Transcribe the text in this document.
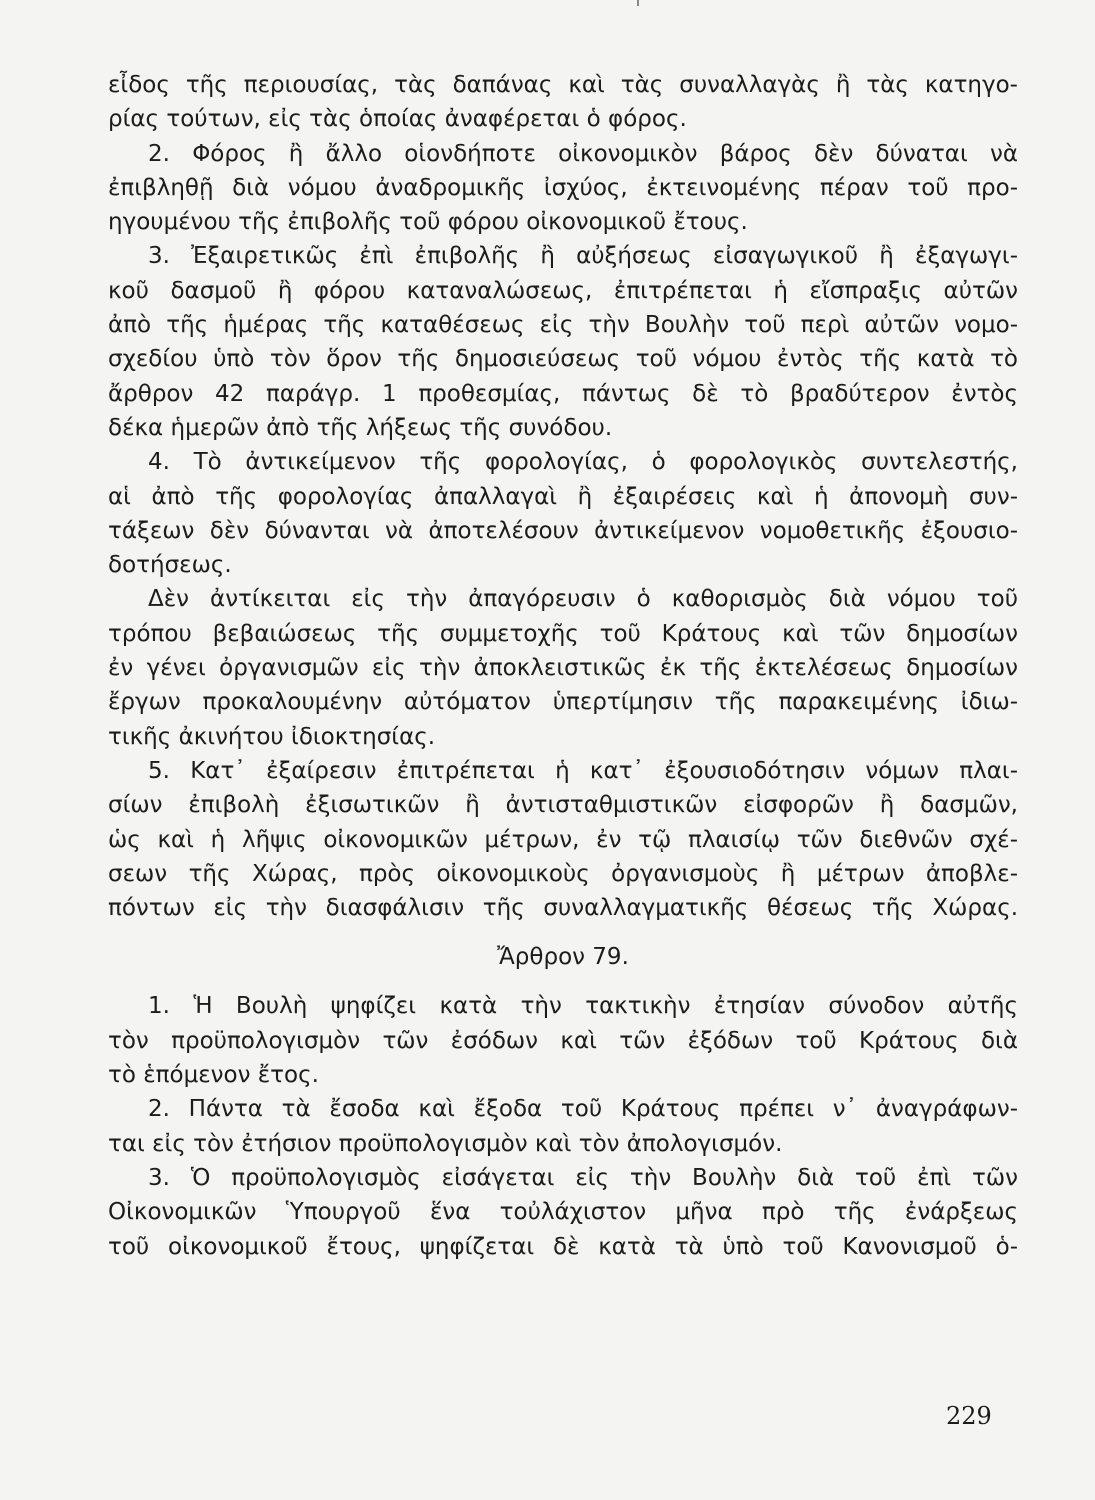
εἶδος τῆς περιουσίας, τὰς δαπάνας καὶ τὰς συναλλαγὰς ἢ τὰς κατηγο-
ρίας τούτων, εἰς τὰς ὁποίας ἀναφέρεται ὁ φόρος.
2. Φόρος ἢ ἄλλο οἱονδήποτε οἰκονομικὸν βάρος δὲν δύναται νὰ
ἐπιβληθῇ διὰ νόμου ἀναδρομικῆς ἰσχύος, ἐκτεινομένης πέραν τοῦ προ-
ηγουμένου τῆς ἐπιβολῆς τοῦ φόρου οἰκονομικοῦ ἔτους.
3. Ἐξαιρετικῶς ἐπὶ ἐπιβολῆς ἢ αὐξήσεως εἰσαγωγικοῦ ἢ ἐξαγωγι-
κοῦ δασμοῦ ἢ φόρου καταναλώσεως, ἐπιτρέπεται ἡ εἴσπραξις αὐτῶν
ἀπὸ τῆς ἡμέρας τῆς καταθέσεως εἰς τὴν Βουλὴν τοῦ περὶ αὐτῶν νομο-
σχεδίου ὑπὸ τὸν ὅρον τῆς δημοσιεύσεως τοῦ νόμου ἐντὸς τῆς κατὰ τὸ
ἄρθρον 42 παράγρ. 1 προθεσμίας, πάντως δὲ τὸ βραδύτερον ἐντὸς
δέκα ἡμερῶν ἀπὸ τῆς λήξεως τῆς συνόδου.
4. Τὸ ἀντικείμενον τῆς φορολογίας, ὁ φορολογικὸς συντελεστής,
αἱ ἀπὸ τῆς φορολογίας ἀπαλλαγαὶ ἢ ἐξαιρέσεις καὶ ἡ ἀπονομὴ συν-
τάξεων δὲν δύνανται νὰ ἀποτελέσουν ἀντικείμενον νομοθετικῆς ἐξουσιο-
δοτήσεως.
Δὲν ἀντίκειται εἰς τὴν ἀπαγόρευσιν ὁ καθορισμὸς διὰ νόμου τοῦ
τρόπου βεβαιώσεως τῆς συμμετοχῆς τοῦ Κράτους καὶ τῶν δημοσίων
ἐν γένει ὀργανισμῶν εἰς τὴν ἀποκλειστικῶς ἐκ τῆς ἐκτελέσεως δημοσίων
ἔργων προκαλουμένην αὐτόματον ὑπερτίμησιν τῆς παρακειμένης ἰδιω-
τικῆς ἀκινήτου ἰδιοκτησίας.
5. Κατ᾽ ἐξαίρεσιν ἐπιτρέπεται ἡ κατ᾽ ἐξουσιοδότησιν νόμων πλαι-
σίων ἐπιβολὴ ἐξισωτικῶν ἢ ἀντισταθμιστικῶν εἰσφορῶν ἢ δασμῶν,
ὡς καὶ ἡ λῆψις οἰκονομικῶν μέτρων, ἐν τῷ πλαισίῳ τῶν διεθνῶν σχέ-
σεων τῆς Χώρας, πρὸς οἰκονομικοὺς ὀργανισμοὺς ἢ μέτρων ἀποβλε-
πόντων εἰς τὴν διασφάλισιν τῆς συναλλαγματικῆς θέσεως τῆς Χώρας.
Ἄρθρον 79.
1. Ἡ Βουλὴ ψηφίζει κατὰ τὴν τακτικὴν ἐτησίαν σύνοδον αὐτῆς
τὸν προϋπολογισμὸν τῶν ἐσόδων καὶ τῶν ἐξόδων τοῦ Κράτους διὰ
τὸ ἑπόμενον ἔτος.
2. Πάντα τὰ ἔσοδα καὶ ἔξοδα τοῦ Κράτους πρέπει ν᾽ ἀναγράφων-
ται εἰς τὸν ἐτήσιον προϋπολογισμὸν καὶ τὸν ἀπολογισμόν.
3. Ὁ προϋπολογισμὸς εἰσάγεται εἰς τὴν Βουλὴν διὰ τοῦ ἐπὶ τῶν
Οἰκονομικῶν Ὑπουργοῦ ἕνα τοὐλάχιστον μῆνα πρὸ τῆς ἐνάρξεως
τοῦ οἰκονομικοῦ ἔτους, ψηφίζεται δὲ κατὰ τὰ ὑπὸ τοῦ Κανονισμοῦ ὁ-
229
